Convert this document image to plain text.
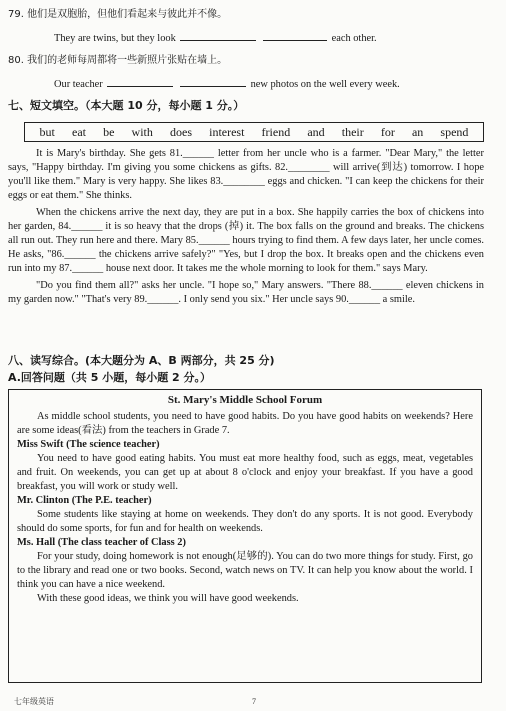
79. 他们是双胞胎，但他们看起来与彼此并不像。
They are twins, but they look	each other.
80. 我们的老师每周都将一些新照片张贴在墙上。
Our teacher	new photos on the well every week.
七、短文填空。（本大题 10 分，每小题 1 分。）
but eat be with does interest friend and their for an spend

It is Mary's birthday. She gets 81.______ letter from her uncle who is a farmer. "Dear Mary," the letter says, "Happy birthday. I'm giving you some chickens as gifts. 82.________ will arrive(到达) tomorrow. I hope you'll like them." Mary is very happy. She likes 83.________ eggs and chicken. "I can keep the chickens for their eggs or eat them." She thinks.

When the chickens arrive the next day, they are put in a box. She happily carries the box of chickens into her garden, 84.______ it is so heavy that the drops (掉) it. The box falls on the ground and breaks. The chickens all run out. They run here and there. Mary 85.______ hours trying to find them. A few days later, her uncle comes. He asks, "86.______ the chickens arrive safely?" "Yes, but I drop the box. It breaks open and the chickens even run into my 87.______ house next door. It takes me the whole morning to look for them." says Mary.

"Do you find them all?" asks her uncle. "I hope so," Mary answers. "There 88.______ eleven chickens in my garden now." "That's very 89.______. I only send you six." Her uncle says 90.______ a smile.

八、读写综合。(本大题分为 A、B 两部分，共 25 分)
A.回答问题（共 5 小题，每小题 2 分。）
St. Mary's Middle School Forum

As middle school students, you need to have good habits. Do you have good habits on weekends? Here are some ideas(看法) from the teachers in Grade 7.

Miss Swift (The science teacher)

You need to have good eating habits. You must eat more healthy food, such as eggs, meat, vegetables and fruit. On weekends, you can get up at about 8 o'clock and enjoy your breakfast. If you have a good breakfast, you will work or study well.

Mr. Clinton (The P.E. teacher)

Some students like staying at home on weekends. They don't do any sports. It is not good. Everybody should do some sports, for fun and for health on weekends.

Ms. Hall (The class teacher of Class 2)

For your study, doing homework is not enough(足够的). You can do two more things for study. First, go to the library and read one or two books. Second, watch news on TV. It can help you know about the world. I think you can have a nice weekend.

With these good ideas, we think you will have good weekends.

七年级英语	7
